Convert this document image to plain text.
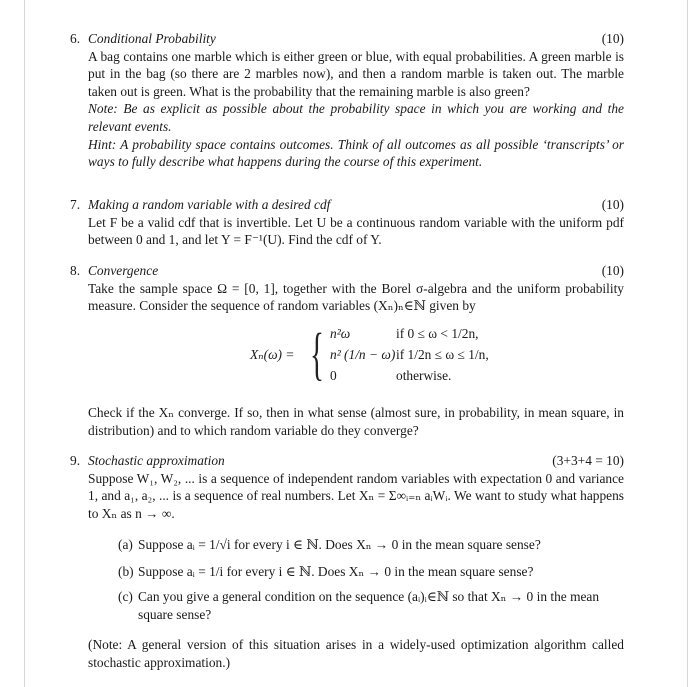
6. Conditional Probability	(10)

A bag contains one marble which is either green or blue, with equal probabilities. A green marble is put in the bag (so there are 2 marbles now), and then a random marble is taken out. The marble taken out is green. What is the probability that the remaining marble is also green?

Note: Be as explicit as possible about the probability space in which you are working and the relevant events.

Hint: A probability space contains outcomes. Think of all outcomes as all possible ‘transcripts’ or ways to fully describe what happens during the course of this experiment.

7. Making a random variable with a desired cdf	(10)

Let F be a valid cdf that is invertible. Let U be a continuous random variable with the uniform pdf between 0 and 1, and let Y = F⁻¹(U). Find the cdf of Y.

8. Convergence	(10)

Take the sample space Ω = [0, 1], together with the Borel σ-algebra and the uniform probability measure. Consider the sequence of random variables (Xₙ)ₙ∈ℕ given by

Xₙ(ω) = { n²ω	if 0 ≤ ω < 1/2n,
n² (1/n − ω) if 1/2n ≤ ω ≤ 1/n,
0	otherwise.

Check if the Xₙ converge. If so, then in what sense (almost sure, in probability, in mean square, in distribution) and to which random variable do they converge?

9. Stochastic approximation	(3+3+4 = 10)

Suppose W₁, W₂, ... is a sequence of independent random variables with expectation 0 and variance 1, and a₁, a₂, ... is a sequence of real numbers. Let Xₙ = Σ∞ᵢ₌ₙ aᵢWᵢ. We want to study what happens to Xₙ as n → ∞.

(a) Suppose aᵢ = 1/√i for every i ∈ ℕ. Does Xₙ → 0 in the mean square sense?
(b) Suppose aᵢ = 1/i for every i ∈ ℕ. Does Xₙ → 0 in the mean square sense?
(c) Can you give a general condition on the sequence (aᵢ)ᵢ∈ℕ so that Xₙ → 0 in the mean square sense?

(Note: A general version of this situation arises in a widely-used optimization algorithm called stochastic approximation.)
